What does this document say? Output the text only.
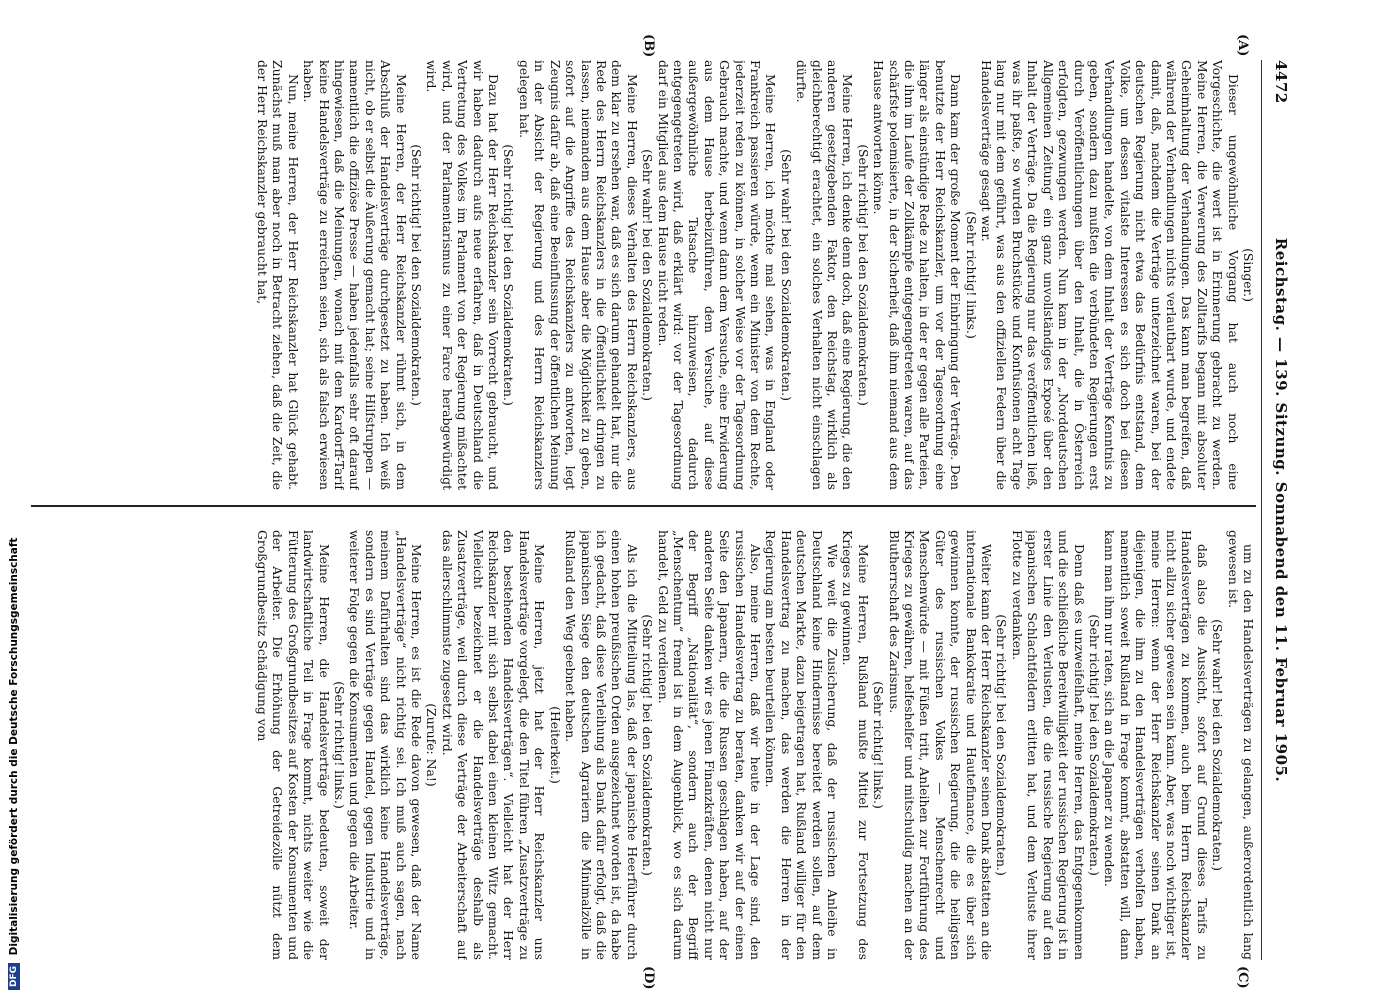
4472
Reichstag. — 139. Sitzung. Sonnabend den 11. Februar 1905.
(A)
(B)
(C)
(D)

(Singer.)

Dieser ungewöhnliche Vorgang hat auch noch eine Vorgeschichte, die wert ist in Erinnerung gebracht zu werden. Meine Herren, die Verwerung des Zolltarifs begann mit absoluter Geheimhaltung der Verhandlungen. Das kann man begreifen, daß während der Verhandlungen nichts verlautbart wurde, und endete damit, daß, nachdem die Verträge unterzeichnet waren, bei der deutschen Regierung nicht etwa das Bedürfnis entstand, dem Volke, um dessen vitalste Interessen es sich doch bei diesen Verhandlungen handelte, von dem Inhalt der Verträge Kenntnis zu geben, sondern dazu mußten die verbündeten Regierungen erst durch Veröffentlichungen über den Inhalt, die in Österreich erfolgten, gezwungen werden. Nun kam in der „Norddeutschen Allgemeinen Zeitung“ ein ganz unvollständiges Exposé über den Inhalt der Verträge. Da die Regierung nur das veröffentlichen ließ, was ihr paßte, so wurden Bruchstücke und Konfusionen acht Tage lang nur mit dem geführt, was aus den offiziellen Federn über die Handelsverträge gesagt war.

(Sehr richtig! links.)

Dann kam der große Moment der Einbringung der Verträge. Den benutzte der Herr Reichskanzler, um vor der Tagesordnung eine länger als einstündige Rede zu halten, in der er gegen alle Parteien, die ihm im Laufe der Zollkämpfe entgegengetreten waren, auf das schärfste polemisierte, in der Sicherheit, daß ihm niemand aus dem Hause antworten könne.

(Sehr richtig! bei den Sozialdemokraten.)

Meine Herren, ich denke denn doch, daß eine Regierung, die den anderen gesetzgebenden Faktor, den Reichstag, wirklich als gleichberechtigt erachtet, ein solches Verhalten nicht einschlagen dürfte.

(Sehr wahr! bei den Sozialdemokraten.)

Meine Herren, ich möchte mal sehen, was in England oder Frankreich passieren würde, wenn ein Minister von dem Rechte, jederzeit reden zu können, in solcher Weise vor der Tagesordnung Gebrauch machte, und wenn dann dem Versuche, eine Erwiderung aus dem Hause herbeizuführen, dem Versuche, auf diese außergewöhnliche Tatsache hinzuweisen, dadurch entgegengetreten wird, daß erklärt wird: vor der Tagesordnung darf ein Mitglied aus dem Hause nicht reden.

(Sehr wahr! bei den Sozialdemokraten.)

Meine Herren, dieses Verhalten des Herrn Reichskanzlers, aus dem klar zu ersehen war, daß es sich darum gehandelt hat, nur die Rede des Herrn Reichskanzlers in die Öffentlichkeit dringen zu lassen, niemandem aus dem Hause aber die Möglichkeit zu geben, sofort auf die Angriffe des Reichskanzlers zu antworten, legt Zeugnis dafür ab, daß eine Beeinflussung der öffentlichen Meinung in der Absicht der Regierung und des Herrn Reichskanzlers gelegen hat.

(Sehr richtig! bei den Sozialdemokraten.)

Dazu hat der Herr Reichskanzler sein Vorrecht gebraucht, und wir haben dadurch aufs neue erfahren, daß in Deutschland die Vertretung des Volkes im Parlament von der Regierung mißachtet wird, und der Parlamentarismus zu einer Farce herabgewürdigt wird.

(Sehr richtig! bei den Sozialdemokraten.)

Meine Herren, der Herr Reichskanzler rühmt sich, in dem Abschluß der Handelsverträge durchgesetzt zu haben. Ich weiß nicht, ob er selbst die Äußerung gemacht hat; seine Hilfstruppen — namentlich die offiziöse Presse — haben jedenfalls sehr oft darauf hingewiesen, daß die Meinungen, wonach mit dem Kardorff-Tarif keine Handelsverträge zu erreichen seien, sich als falsch erwiesen haben.

Nun, meine Herren, der Herr Reichskanzler hat Glück gehabt. Zunächst muß man aber noch in Betracht ziehen, daß die Zeit, die der Herr Reichskanzler gebraucht hat,

um zu den Handelsverträgen zu gelangen, außerordentlich lang gewesen ist.

(Sehr wahr! bei den Sozialdemokraten.)

daß also die Aussicht, sofort auf Grund dieses Tarifs zu Handelsverträgen zu kommen, auch beim Herrn Reichskanzler nicht allzu sicher gewesen sein kann. Aber, was noch wichtiger ist, meine Herren: wenn der Herr Reichskanzler seinen Dank an diejenigen, die ihm zu den Handelsverträgen verholfen haben, namentlich soweit Rußland in Frage kommt, abstatten will, dann kann man ihm nur raten, sich an die Japaner zu wenden.

(Sehr richtig! bei den Sozialdemokraten.)

Denn daß es unzweifelhaft, meine Herren, das Entgegenkommen und die schließliche Bereitwilligkeit der russischen Regierung ist in erster Linie den Verlusten, die die russische Regierung auf den japanischen Schlachtfeldern erlitten hat, und dem Verluste ihrer Flotte zu verdanken.

(Sehr richtig! bei den Sozialdemokraten.)

Weiter kann der Herr Reichskanzler seinen Dank abstatten an die internationale Bankokratie und Hautefinance, die es über sich gewinnen konnte, der russischen Regierung, die die heiligsten Güter des russischen Volkes — Menschenrecht und Menschenwürde — mit Füßen tritt, Anleihen zur Fortführung des Krieges zu gewähren, helfeshelfer und mitschuldig machen an der Blutherrschaft des Zarismus.

(Sehr richtig! links.)

Meine Herren, Rußland mußte Mittel zur Fortsetzung des Krieges zu gewinnen.

Wie weit die Zusicherung, daß der russischen Anleihe in Deutschland keine Hindernisse bereitet werden sollen, auf dem deutschen Markte, dazu beigetragen hat, Rußland williger für den Handelsvertrag zu machen, das werden die Herren in der Regierung am besten beurteilen können.

Also, meine Herren, daß wir heute in der Lage sind, den russischen Handelsvertrag zu beraten, danken wir auf der einen Seite den Japanern, die die Russen geschlagen haben, auf der anderen Seite danken wir es jenen Finanzkräften, denen nicht nur der Begriff „Nationalität“, sondern auch der Begriff „Menschentum“ fremd ist in dem Augenblick, wo es sich darum handelt, Geld zu verdienen.

(Sehr richtig! bei den Sozialdemokraten.)

Als ich die Mitteilung las, daß der japanische Heerführer durch einen hohen preußischen Orden ausgezeichnet worden ist, da habe ich gedacht, daß diese Verleihung als Dank dafür erfolgt, daß die japanischen Siege den deutschen Agrariern die Minimalzölle in Rußland den Weg geebnet haben.

(Heiterkeit.)

Meine Herren, jetzt hat der Herr Reichskanzler uns Handelsverträge vorgelegt, die den Titel führen „Zusatzverträge zu den bestehenden Handelsverträgen“. Vielleicht hat der Herr Reichskanzler mit sich selbst dabei einen kleinen Witz gemacht. Vielleicht bezeichnet er die Handelsverträge deshalb als Zusatzverträge, weil durch diese Verträge der Arbeiterschaft auf das allerschlimmste zugesetzt wird.

(Zurufe: Na!)

Meine Herren, es ist die Rede davon gewesen, daß der Name „Handelsverträge“ nicht richtig sei. Ich muß auch sagen, nach meinem Dafürhalten sind das wirklich keine Handelsverträge, sondern es sind Verträge gegen Handel, gegen Industrie und in weiterer Folge gegen die Konsumenten und gegen die Arbeiter.

(Sehr richtig! links.)

Meine Herren, die Handelsverträge bedeuten, soweit der landwirtschaftliche Teil in Frage kommt, nichts weiter wie die Fütterung des Großgrundbesitzes auf Kosten der Konsumenten und der Arbeiter. Die Erhöhung der Getreidezölle nützt dem Großgrundbesitz Schädigung von

DFG Digitalisierung gefördert durch die Deutsche Forschungsgemeinschaft
